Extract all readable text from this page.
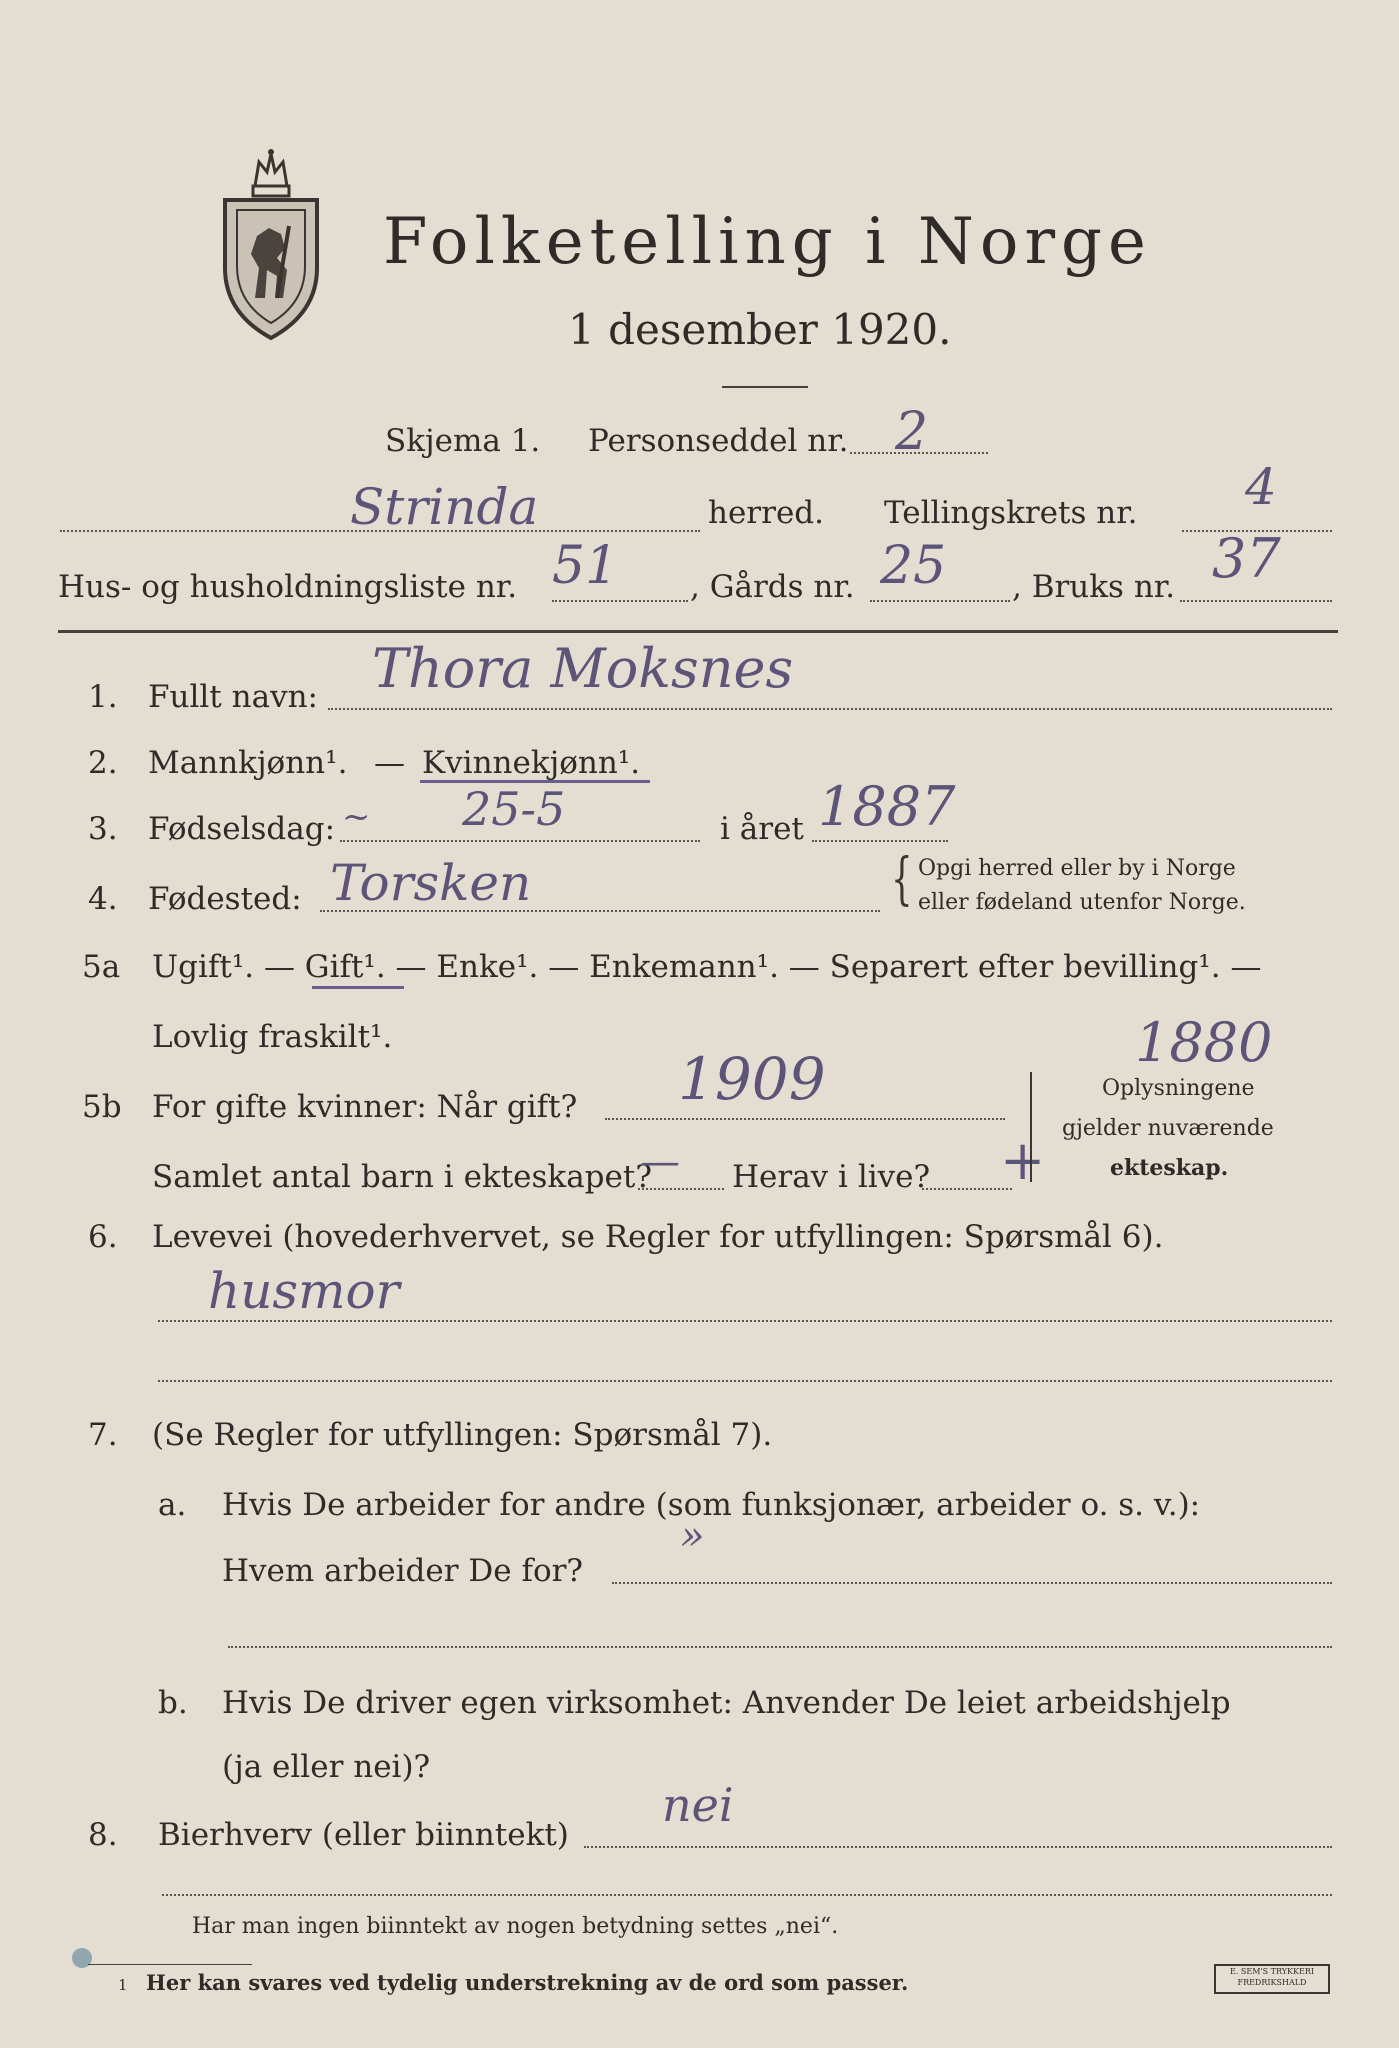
Folketelling i Norge
1 desember 1920.
Skjema 1. Personseddel nr. 2
Strinda	herred. Tellingskrets nr. 4
Hus- og husholdningsliste nr. 51 , Gårds nr. 25 , Bruks nr. 37
1. Fullt navn: Thora Moksnes
2. Mannkjønn¹. — Kvinnekjønn¹.
3. Fødselsdag: ~ 25-5	i året 1887
4. Fødested: Torsken	{ Opgi herred eller by i Norge
eller fødeland utenfor Norge.
5a Ugift¹. — Gift¹. — Enke¹. — Enkemann¹. — Separert efter bevilling¹. —
Lovlig fraskilt¹.	1880
5b For gifte kvinner: Når gift? 1909
Samlet antal barn i ekteskapet?
— Herav i live? +
Oplysningene
gjelder nuværende
ekteskap.
6. Levevei (hovederhvervet, se Regler for utfyllingen: Spørsmål 6).
husmor
7. (Se Regler for utfyllingen: Spørsmål 7).
a. Hvis De arbeider for andre (som funksjonær, arbeider o. s. v.):
Hvem arbeider De for?
»
b. Hvis De driver egen virksomhet: Anvender De leiet arbeidshjelp
(ja eller nei)?
8. Bierhverv (eller biinntekt)
nei
Har man ingen biinntekt av nogen betydning settes „nei“.
1 Her kan svares ved tydelig understrekning av de ord som passer.	E. SEM'S TRYKKERI FREDRIKSHALD
